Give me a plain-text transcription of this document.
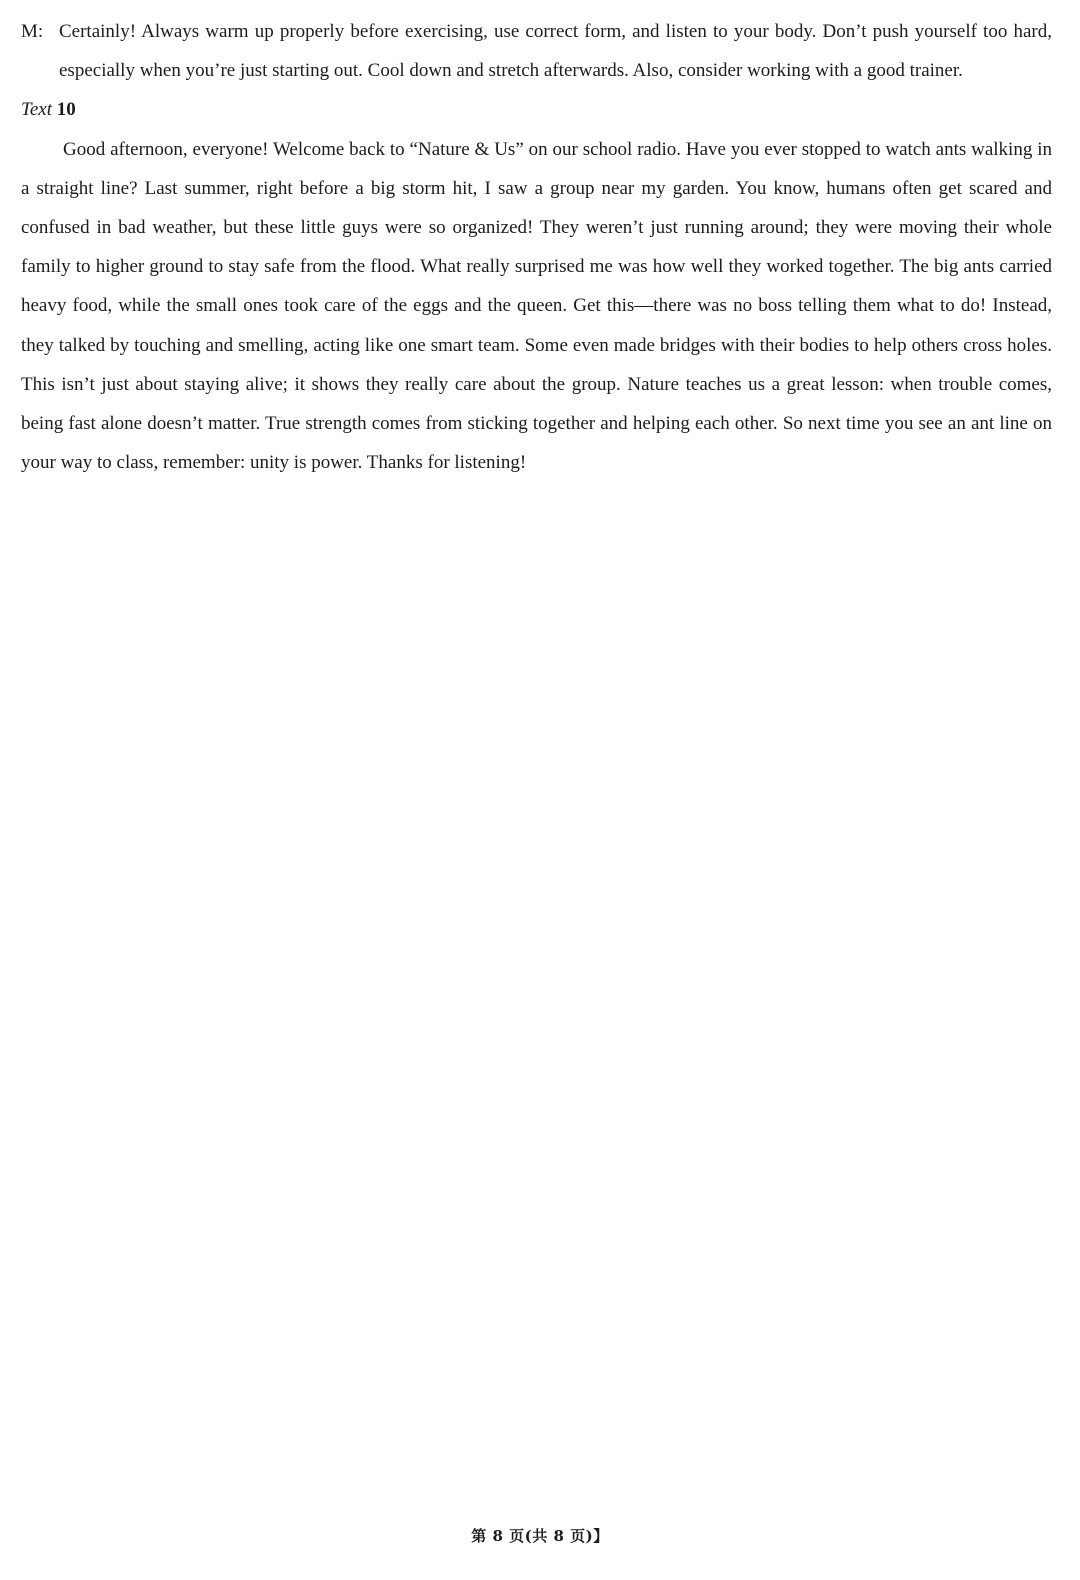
M: Certainly! Always warm up properly before exercising, use correct form, and listen to your body. Don’t push yourself too hard, especially when you’re just starting out. Cool down and stretch afterwards. Also, consider working with a good trainer.

Text 10

Good afternoon, everyone! Welcome back to “Nature & Us” on our school radio. Have you ever stopped to watch ants walking in a straight line? Last summer, right before a big storm hit, I saw a group near my garden. You know, humans often get scared and confused in bad weather, but these little guys were so organized! They weren’t just running around; they were moving their whole family to higher ground to stay safe from the flood. What really surprised me was how well they worked together. The big ants carried heavy food, while the small ones took care of the eggs and the queen. Get this—there was no boss telling them what to do! Instead, they talked by touching and smelling, acting like one smart team. Some even made bridges with their bodies to help others cross holes. This isn’t just about staying alive; it shows they really care about the group. Nature teaches us a great lesson: when trouble comes, being fast alone doesn’t matter. True strength comes from sticking together and helping each other. So next time you see an ant line on your way to class, remember: unity is power. Thanks for listening!

第 8 页(共 8 页)】
